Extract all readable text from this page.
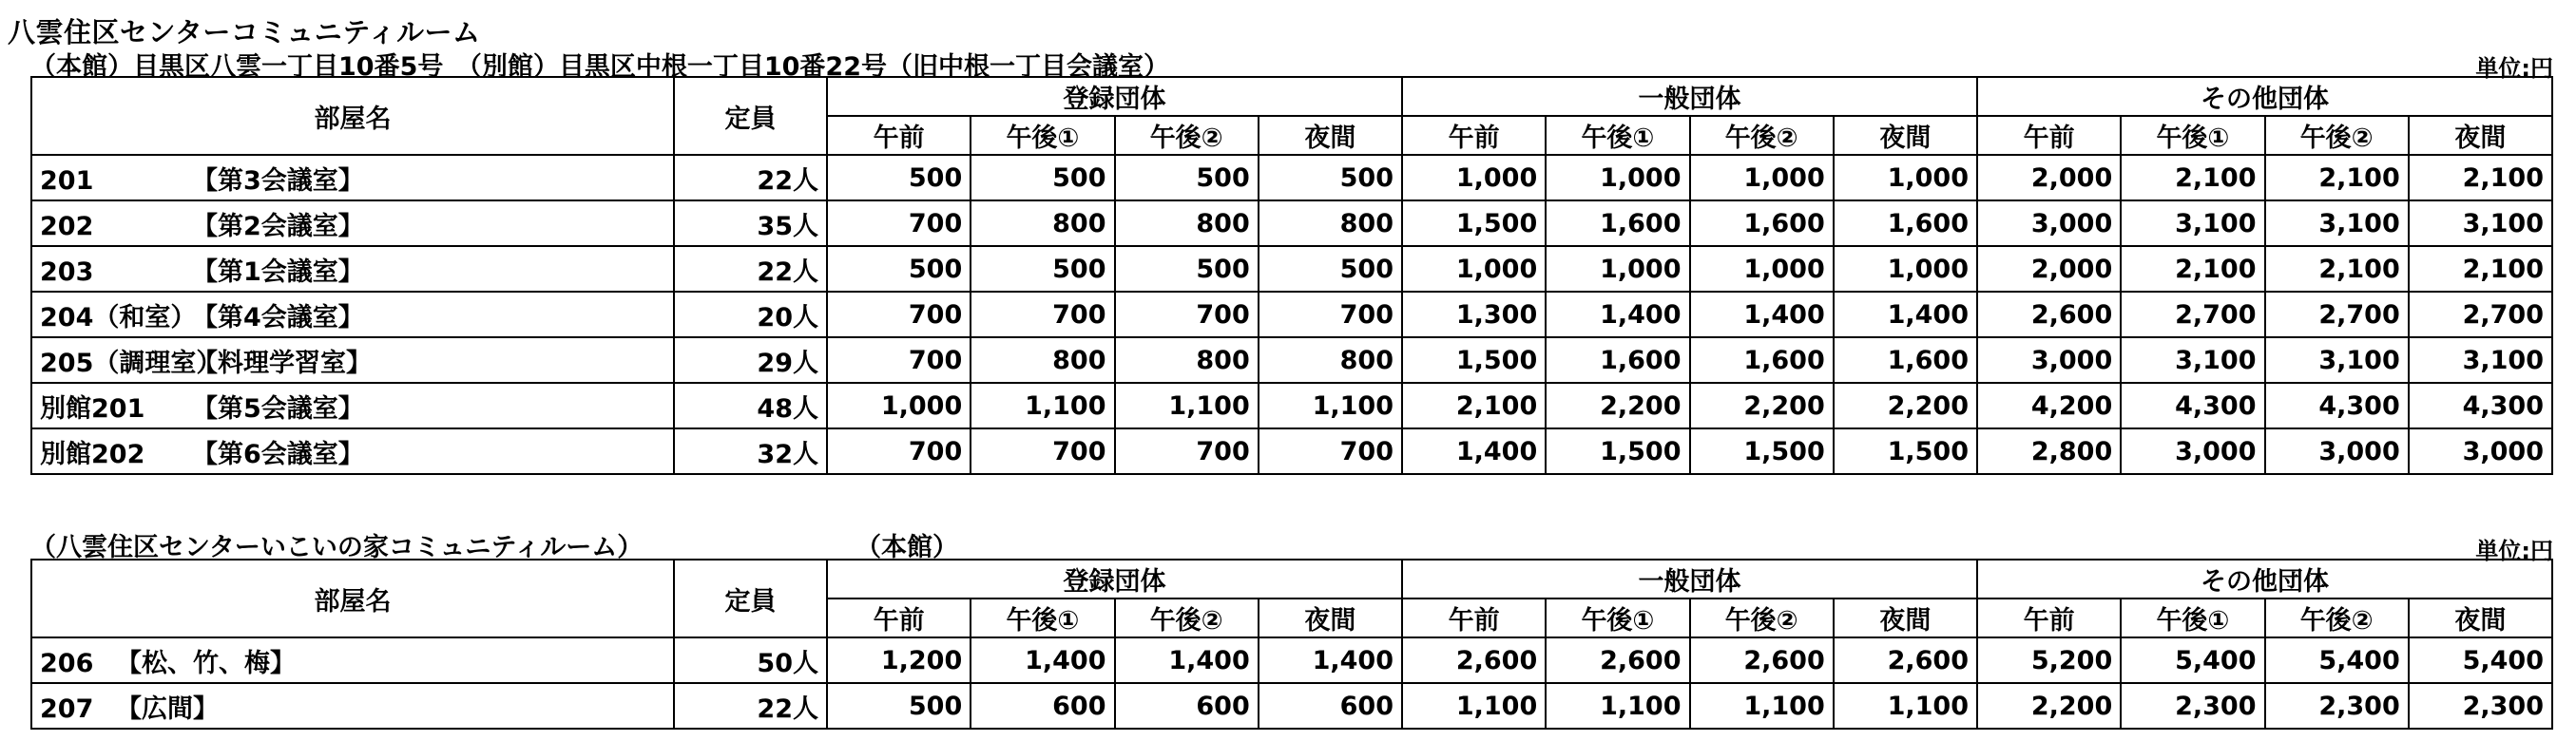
八雲住区センターコミュニティルーム
（本館）目黒区八雲一丁目10番5号　（別館）目黒区中根一丁目10番22号（旧中根一丁目会議室）	単位:円
部屋名	定員	登録団体				一般団体				その他団体			
		午前	午後①	午後②	夜間	午前	午後①	午後②	夜間	午前	午後①	午後②	夜間
201 【第3会議室】	22人	500	500	500	500	1,000	1,000	1,000	1,000	2,000	2,100	2,100	2,100
202 【第2会議室】	35人	700	800	800	800	1,500	1,600	1,600	1,600	3,000	3,100	3,100	3,100
203 【第1会議室】	22人	500	500	500	500	1,000	1,000	1,000	1,000	2,000	2,100	2,100	2,100
204（和室）【第4会議室】	20人	700	700	700	700	1,300	1,400	1,400	1,400	2,600	2,700	2,700	2,700
205（調理室）【料理学習室】	29人	700	800	800	800	1,500	1,600	1,600	1,600	3,000	3,100	3,100	3,100
別館201 【第5会議室】	48人	1,000	1,100	1,100	1,100	2,100	2,200	2,200	2,200	4,200	4,300	4,300	4,300
別館202 【第6会議室】	32人	700	700	700	700	1,400	1,500	1,500	1,500	2,800	3,000	3,000	3,000
（八雲住区センターいこいの家コミュニティルーム）	（本館）	単位:円
部屋名	定員	登録団体				一般団体				その他団体			
		午前	午後①	午後②	夜間	午前	午後①	午後②	夜間	午前	午後①	午後②	夜間
206 【松、竹、梅】	50人	1,200	1,400	1,400	1,400	2,600	2,600	2,600	2,600	5,200	5,400	5,400	5,400
207 【広間】	22人	500	600	600	600	1,100	1,100	1,100	1,100	2,200	2,300	2,300	2,300
